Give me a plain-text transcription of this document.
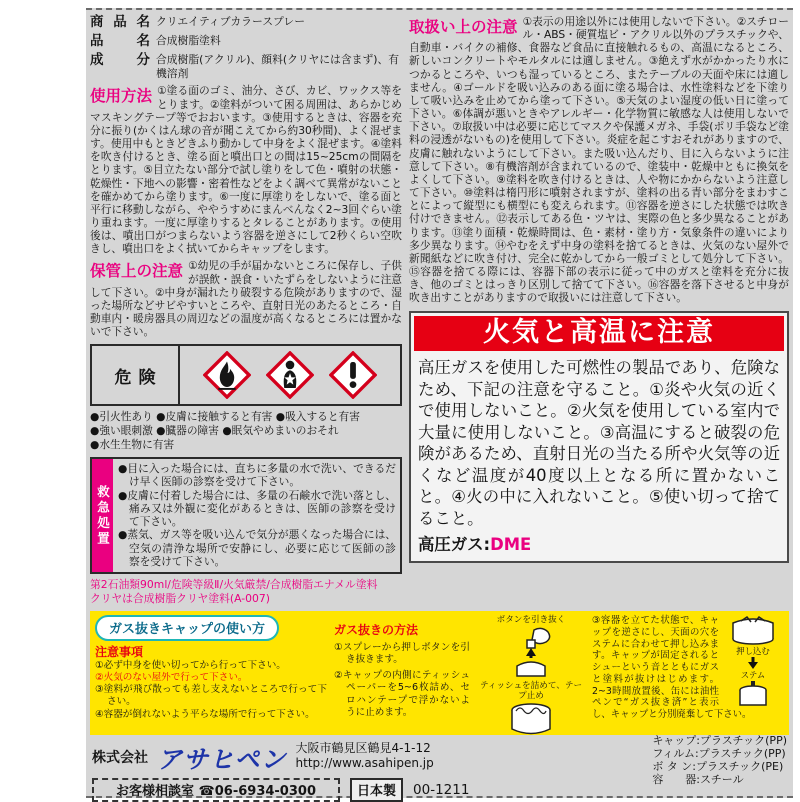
商 品 名 クリエイティブカラースプレー
品　　名 合成樹脂塗料
成　　分 合成樹脂(アクリル)、顔料(クリヤには含まず)、有機溶剤
使用方法 ①塗る面のゴミ、油分、さび、カビ、ワックス等をとります。②塗料がついて困る周囲は、あらかじめマスキングテープ等でおおいます。③使用するときは、容器を充分に振り(かくはん球の音が聞こえてから約30秒間)、よく混ぜます。使用中もときどきふり動かして中身をよく混ぜます。④塗料を吹き付けるとき、塗る面と噴出口との間は15~25cmの間隔をとります。⑤目立たない部分で試し塗りをして色・噴射の状態・乾燥性・下地への影響・密着性などをよく調べて異常がないことを確かめてから塗ります。⑥一度に厚塗りをしないで、塗る面と平行に移動しながら、ややうすめにまんべんなく2~3回ぐらい塗り重ねます。一度に厚塗りするとタレることがあります。⑦使用後は、噴出口がつまらないよう容器を逆さにして2秒くらい空吹きし、噴出口をよく拭いてからキャップをします。
保管上の注意 ①幼児の手が届かないところに保存し、子供が誤飲・誤食・いたずらをしないように注意して下さい。②中身が漏れたり破裂する危険がありますので、湿った場所などサビやすいところや、直射日光のあたるところ・自動車内・暖房器具の周辺などの温度が高くなるところには置かないで下さい。
危険
●引火性あり ●皮膚に接触すると有害 ●吸入すると有害
●強い眼刺激 ●臓器の障害 ●眠気やめまいのおそれ
●水生生物に有害
救急処置
●目に入った場合には、直ちに多量の水で洗い、できるだけ早く医師の診察を受けて下さい。
●皮膚に付着した場合には、多量の石鹸水で洗い落とし、痛み又は外観に変化があるときは、医師の診察を受けて下さい。
●蒸気、ガス等を吸い込んで気分が悪くなった場合には、空気の清浄な場所で安静にし、必要に応じて医師の診察を受けて下さい。
第2石油類90ml/危険等級Ⅱ/火気厳禁/合成樹脂エナメル塗料
クリヤは合成樹脂クリヤ塗料(A-007)
取扱い上の注意 ①表示の用途以外には使用しないで下さい。②スチロール・ABS・硬質塩ビ・アクリル以外のプラスチックや、自動車・バイクの補修、食器など食品に直接触れるもの、高温になるところ、新しいコンクリートやモルタルには適しません。③絶えず水がかかったり水につかるところや、いつも湿っているところ、またテーブルの天面や床には適しません。④ゴールドを吸い込みのある面に塗る場合は、水性塗料などを下塗りして吸い込みを止めてから塗って下さい。⑤天気のよい湿度の低い日に塗って下さい。⑥体調が悪いときやアレルギー・化学物質に敏感な人は使用しないで下さい。⑦取扱い中は必要に応じてマスクや保護メガネ、手袋(ポリ手袋など塗料の浸透がないもの)を使用して下さい。炎症を起こすおそれがありますので、皮膚に触れないようにして下さい。また吸い込んだり、目に入らないように注意して下さい。⑧有機溶剤が含まれているので、塗装中・乾燥中ともに換気をよくして下さい。⑨塗料を吹き付けるときは、人や物にかからないよう注意して下さい。⑩塗料は楕円形に噴射されますが、塗料の出る青い部分をまわすことによって縦型にも横型にも変えられます。⑪容器を逆さにした状態では吹き付けできません。⑫表示してある色・ツヤは、実際の色と多少異なることがあります。⑬塗り面積・乾燥時間は、色・素材・塗り方・気象条件の違いにより多少異なります。⑭やむをえず中身の塗料を捨てるときは、火気のない屋外で新聞紙などに吹き付け、完全に乾かしてから一般ゴミとして処分して下さい。⑮容器を捨てる際には、容器下部の表示に従って中のガスと塗料を充分に抜き、他のゴミとはっきり区別して捨てて下さい。⑯容器を落下させると中身が吹き出すことがありますので取扱いには注意して下さい。
火気と高温に注意
高圧ガスを使用した可燃性の製品であり、危険なため、下記の注意を守ること。①炎や火気の近くで使用しないこと。②火気を使用している室内で大量に使用しないこと。③高温にすると破裂の危険があるため、直射日光の当たる所や火気等の近くなど温度が40度以上となる所に置かないこと。④火の中に入れないこと。⑤使い切って捨てること。
高圧ガス:DME
ガス抜きキャップの使い方
注意事項
①必ず中身を使い切ってから行って下さい。
②火気のない屋外で行って下さい。
③塗料が飛び散っても差し支えないところで行って下さい。
④容器が倒れないよう平らな場所で行って下さい。
ガス抜きの方法
①スプレーから押しボタンを引き抜きます。
②キャップの内側にティッシュペーパーを5~6枚詰め、セロハンテープで浮かないように止めます。
ボタンを引き抜く
ティッシュを詰めて、テープ止め
押し込む
ステム
③容器を立てた状態で、キャップを逆さにし、天面の穴をステムに合わせて押し込みます。キャップが固定されるとシューという音とともにガスと塗料が抜けはじめます。2~3時間放置後、缶には油性ペンで“ガス抜き済”と表示し、キャップと分別廃棄して下さい。
株式会社 アサヒペン 大阪市鶴見区鶴見4-1-12
http://www.asahipen.jp
お客様相談室 ☎06-6934-0300	日本製	00-1211
キャップ:プラスチック(PP)
フィルム:プラスチック(PP)
ボ タ ン:プラスチック(PE)
容　　器:スチール
